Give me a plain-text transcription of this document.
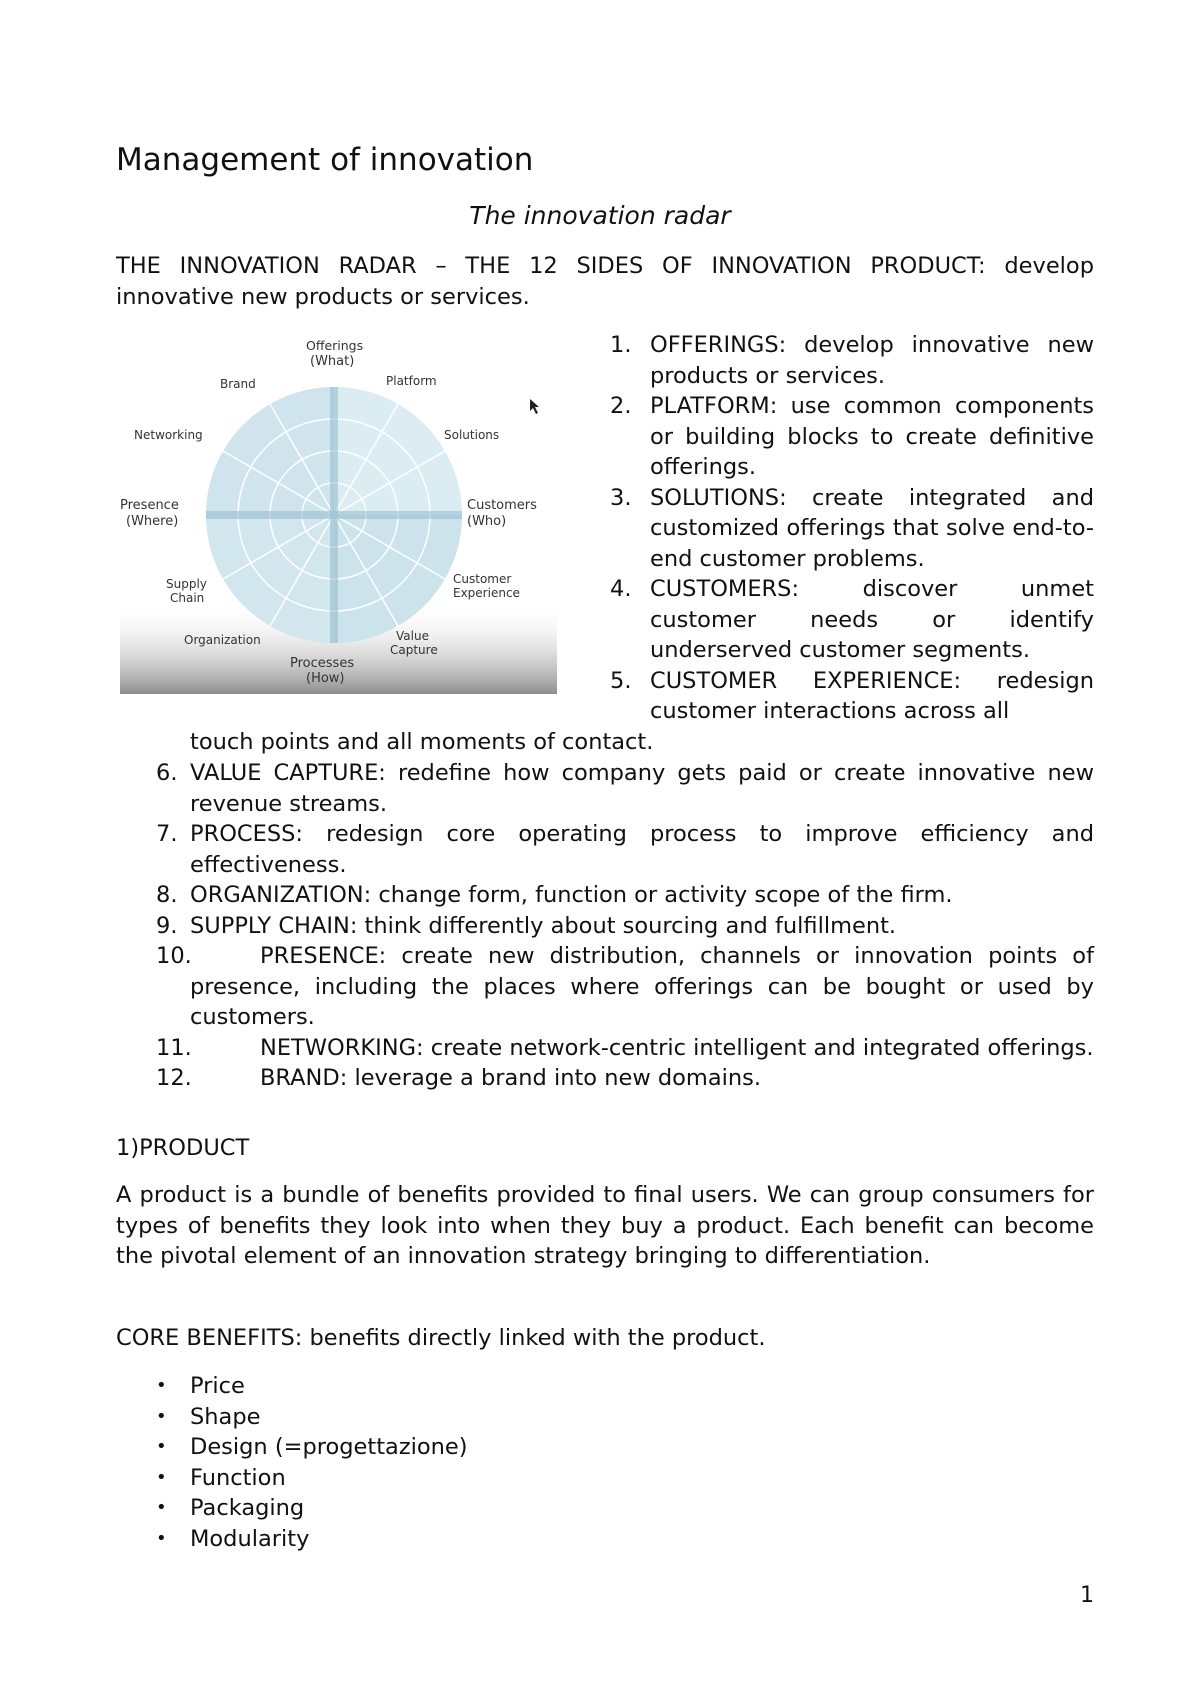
Management of innovation
The innovation radar
THE INNOVATION RADAR – THE 12 SIDES OF INNOVATION PRODUCT: develop innovative new products or services.
Offerings
(What)
Platform
Brand
Networking	Solutions
Presence
(Where)
Customers
(Who)
Supply
Chain
Customer
Experience
Organization	Value
Capture
Processes
(How)
1. OFFERINGS: develop innovative new products or services.
2. PLATFORM: use common components or building blocks to create definitive offerings.
3. SOLUTIONS: create integrated and customized offerings that solve end-to-end customer problems.
4. CUSTOMERS: discover unmet customer needs or identify underserved customer segments.
5. CUSTOMER EXPERIENCE: redesign customer interactions across all
touch points and all moments of contact.
6. VALUE CAPTURE: redefine how company gets paid or create innovative new revenue streams.
7. PROCESS: redesign core operating process to improve efficiency and effectiveness.
8. ORGANIZATION: change form, function or activity scope of the firm.
9. SUPPLY CHAIN: think differently about sourcing and fulfillment.
10.	PRESENCE: create new distribution, channels or innovation points of presence, including the places where offerings can be bought or used by customers.
11.	NETWORKING: create network-centric intelligent and integrated offerings.
12.	BRAND: leverage a brand into new domains.
1)PRODUCT
A product is a bundle of benefits provided to final users. We can group consumers for types of benefits they look into when they buy a product. Each benefit can become the pivotal element of an innovation strategy bringing to differentiation.
CORE BENEFITS: benefits directly linked with the product.
• Price
• Shape
• Design (=progettazione)
• Function
• Packaging
• Modularity
1
